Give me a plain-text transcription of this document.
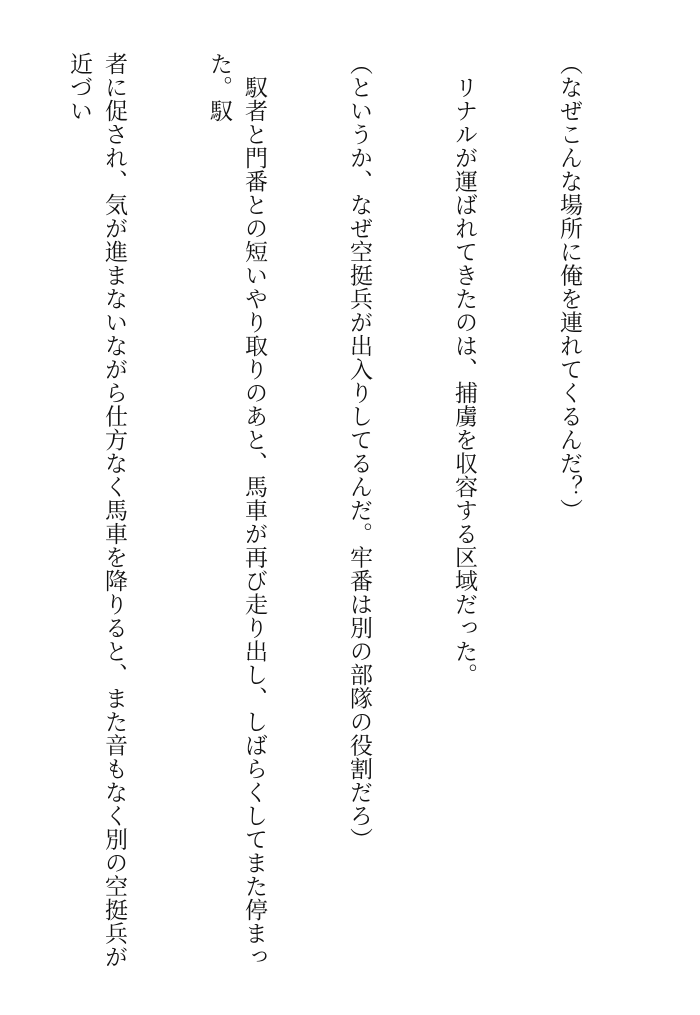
（なぜこんな場所に俺を連れてくるんだ？）

　リナルが運ばれてきたのは、捕虜を収容する区域だった。

（というか、なぜ空挺兵が出入りしてるんだ。牢番は別の部隊の役割だろ）

　馭者と門番との短いやり取りのあと、馬車が再び走り出し、しばらくしてまた停まった。馭

者に促され、気が進まないながら仕方なく馬車を降りると、また音もなく別の空挺兵が近づい
